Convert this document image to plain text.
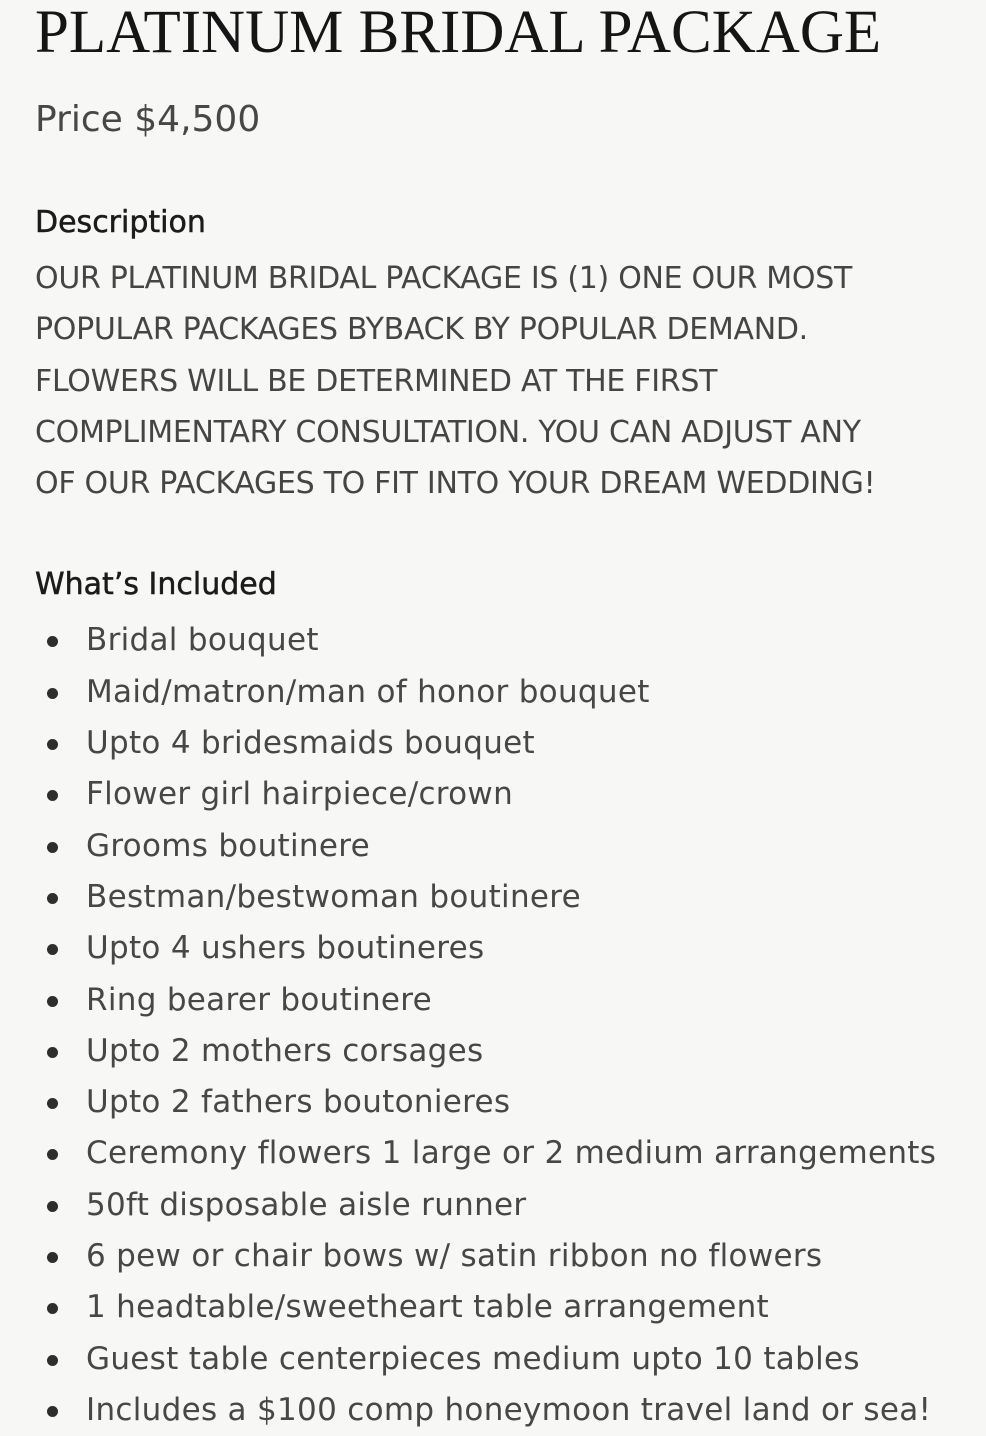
PLATINUM BRIDAL PACKAGE
Price $4,500
Description
OUR PLATINUM BRIDAL PACKAGE IS (1) ONE OUR MOST
POPULAR PACKAGES BYBACK BY POPULAR DEMAND.
FLOWERS WILL BE DETERMINED AT THE FIRST
COMPLIMENTARY CONSULTATION. YOU CAN ADJUST ANY
OF OUR PACKAGES TO FIT INTO YOUR DREAM WEDDING!
What’s Included
Bridal bouquet
Maid/matron/man of honor bouquet
Upto 4 bridesmaids bouquet
Flower girl hairpiece/crown
Grooms boutinere
Bestman/bestwoman boutinere
Upto 4 ushers boutineres
Ring bearer boutinere
Upto 2 mothers corsages
Upto 2 fathers boutonieres
Ceremony flowers 1 large or 2 medium arrangements
50ft disposable aisle runner
6 pew or chair bows w/ satin ribbon no flowers
1 headtable/sweetheart table arrangement
Guest table centerpieces medium upto 10 tables
Includes a $100 comp honeymoon travel land or sea!
